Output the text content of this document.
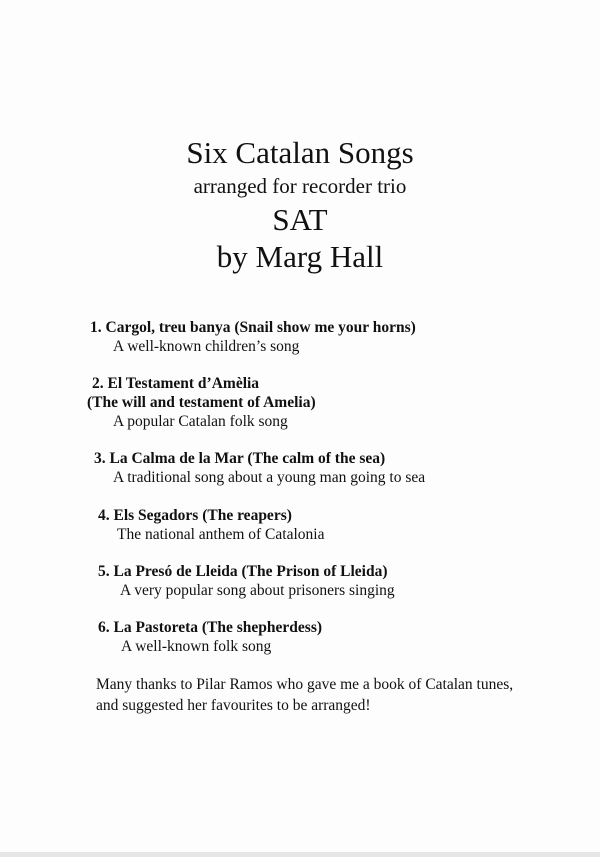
Six Catalan Songs
arranged for recorder trio
SAT
by Marg Hall
1. Cargol, treu banya (Snail show me your horns)
A well-known children’s song
2. El Testament d’Amèlia
(The will and testament of Amelia)
A popular Catalan folk song
3. La Calma de la Mar (The calm of the sea)
A traditional song about a young man going to sea
4. Els Segadors (The reapers)
The national anthem of Catalonia
5. La Presó de Lleida (The Prison of Lleida)
A very popular song about prisoners singing
6. La Pastoreta (The shepherdess)
A well-known folk song
Many thanks to Pilar Ramos who gave me a book of Catalan tunes, and suggested her favourites to be arranged!
